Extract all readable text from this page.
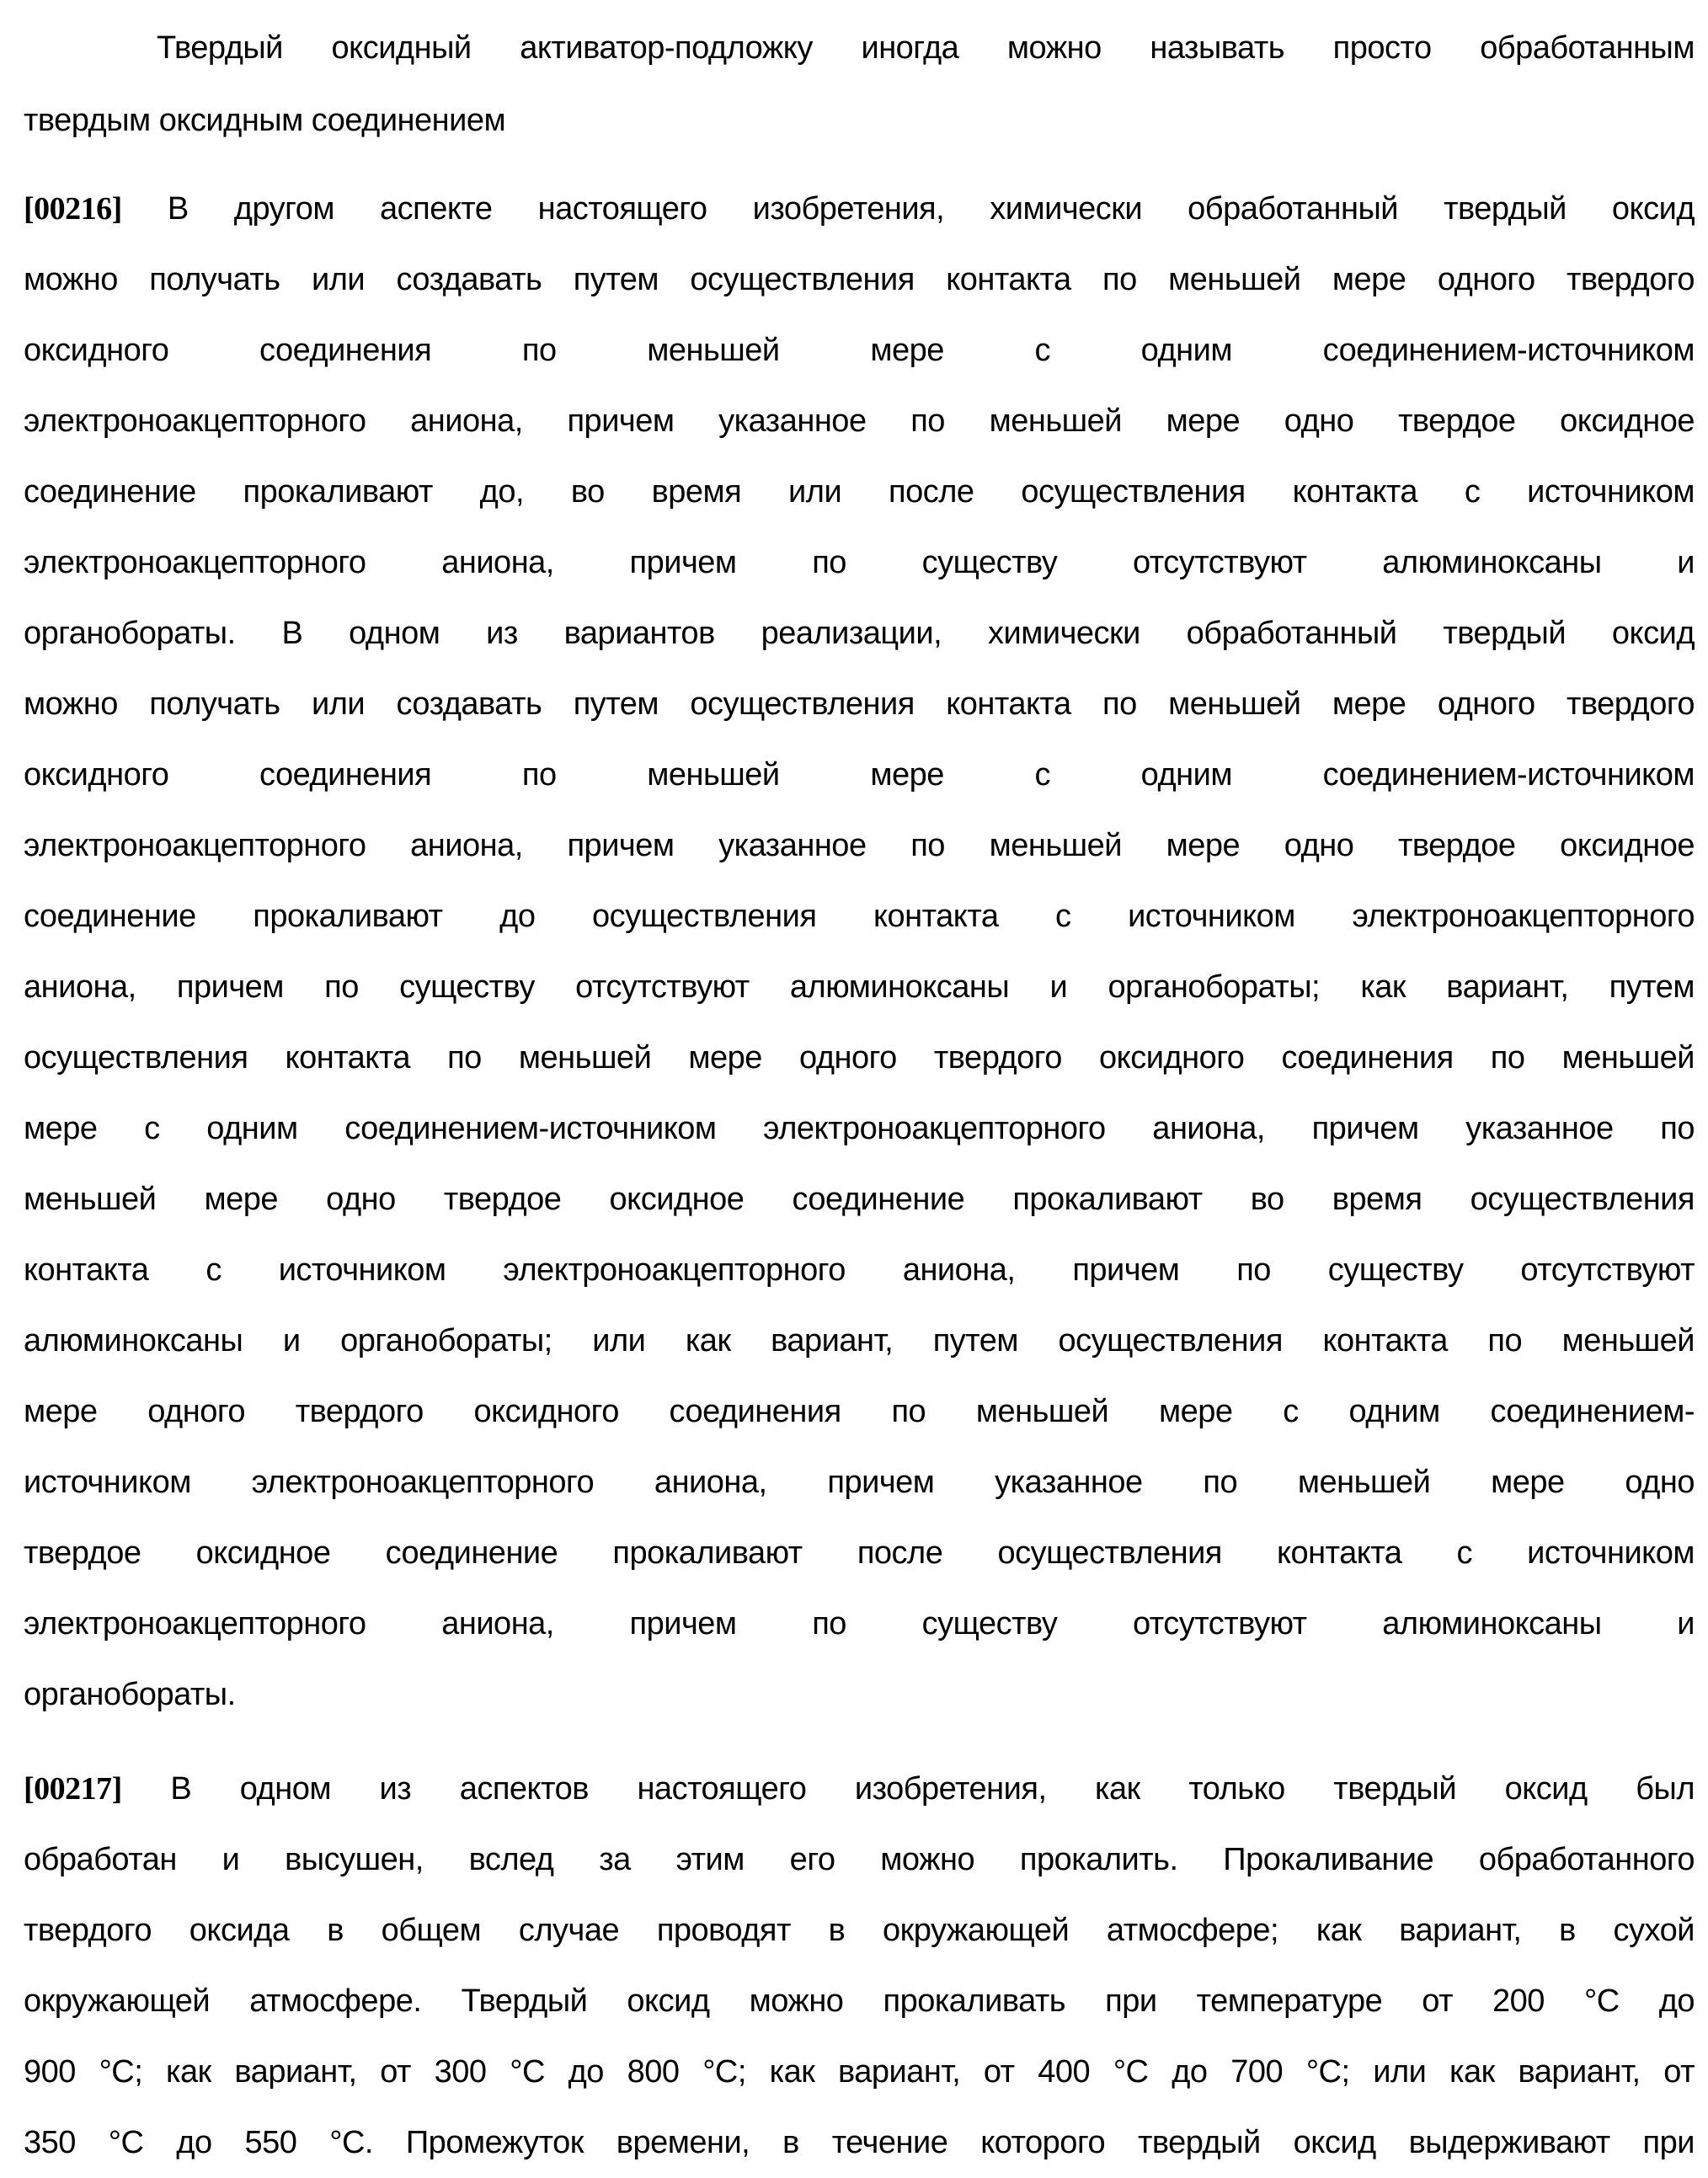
Твердый оксидный активатор-подложку иногда можно называть просто обработанным
твердым оксидным соединением
[00216] В другом аспекте настоящего изобретения, химически обработанный твердый оксид
можно получать или создавать путем осуществления контакта по меньшей мере одного твердого
оксидного соединения по меньшей мере с одним соединением-источником
электроноакцепторного аниона, причем указанное по меньшей мере одно твердое оксидное
соединение прокаливают до, во время или после осуществления контакта с источником
электроноакцепторного аниона, причем по существу отсутствуют алюминоксаны и
органобораты. В одном из вариантов реализации, химически обработанный твердый оксид
можно получать или создавать путем осуществления контакта по меньшей мере одного твердого
оксидного соединения по меньшей мере с одним соединением-источником
электроноакцепторного аниона, причем указанное по меньшей мере одно твердое оксидное
соединение прокаливают до осуществления контакта с источником электроноакцепторного
аниона, причем по существу отсутствуют алюминоксаны и органобораты; как вариант, путем
осуществления контакта по меньшей мере одного твердого оксидного соединения по меньшей
мере с одним соединением-источником электроноакцепторного аниона, причем указанное по
меньшей мере одно твердое оксидное соединение прокаливают во время осуществления
контакта с источником электроноакцепторного аниона, причем по существу отсутствуют
алюминоксаны и органобораты; или как вариант, путем осуществления контакта по меньшей
мере одного твердого оксидного соединения по меньшей мере с одним соединением-
источником электроноакцепторного аниона, причем указанное по меньшей мере одно
твердое оксидное соединение прокаливают после осуществления контакта с источником
электроноакцепторного аниона, причем по существу отсутствуют алюминоксаны и
органобораты.
[00217] В одном из аспектов настоящего изобретения, как только твердый оксид был
обработан и высушен, вслед за этим его можно прокалить. Прокаливание обработанного
твердого оксида в общем случае проводят в окружающей атмосфере; как вариант, в сухой
окружающей атмосфере. Твердый оксид можно прокаливать при температуре от 200 °C до
900 °C; как вариант, от 300 °C до 800 °C; как вариант, от 400 °C до 700 °C; или как вариант, от
350 °C до 550 °C. Промежуток времени, в течение которого твердый оксид выдерживают при
